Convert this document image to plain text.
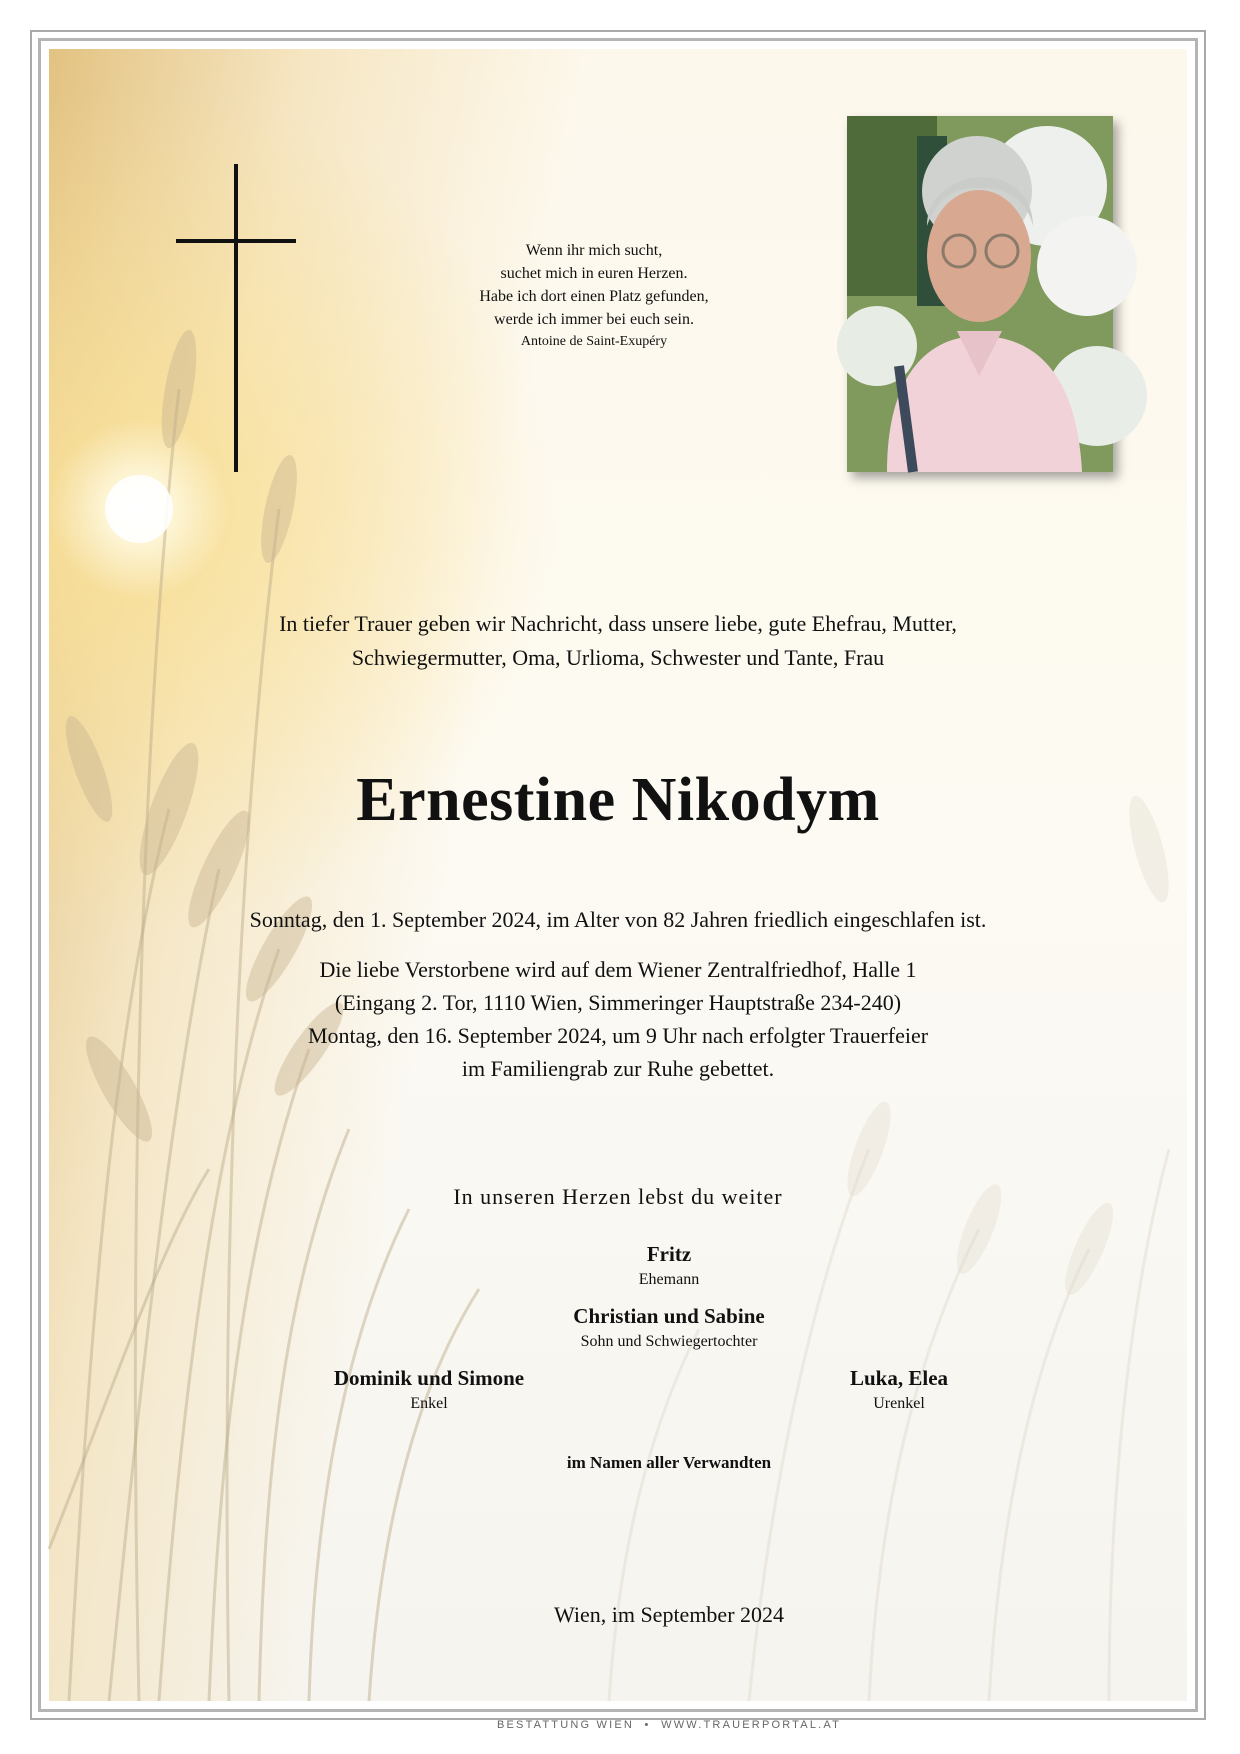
Wenn ihr mich sucht,
suchet mich in euren Herzen.
Habe ich dort einen Platz gefunden,
werde ich immer bei euch sein.
Antoine de Saint-Exupéry
In tiefer Trauer geben wir Nachricht, dass unsere liebe, gute Ehefrau, Mutter,
Schwiegermutter, Oma, Urlioma, Schwester und Tante, Frau
Ernestine Nikodym
Sonntag, den 1. September 2024, im Alter von 82 Jahren friedlich eingeschlafen ist.
Die liebe Verstorbene wird auf dem Wiener Zentralfriedhof, Halle 1
(Eingang 2. Tor, 1110 Wien, Simmeringer Hauptstraße 234-240)
Montag, den 16. September 2024, um 9 Uhr nach erfolgter Trauerfeier
im Familiengrab zur Ruhe gebettet.
In unseren Herzen lebst du weiter
Fritz
Ehemann
Christian und Sabine
Sohn und Schwiegertochter
Dominik und Simone
Enkel
Luka, Elea
Urenkel
im Namen aller Verwandten
Wien, im September 2024
BESTATTUNG WIEN  •  WWW.TRAUERPORTAL.AT
